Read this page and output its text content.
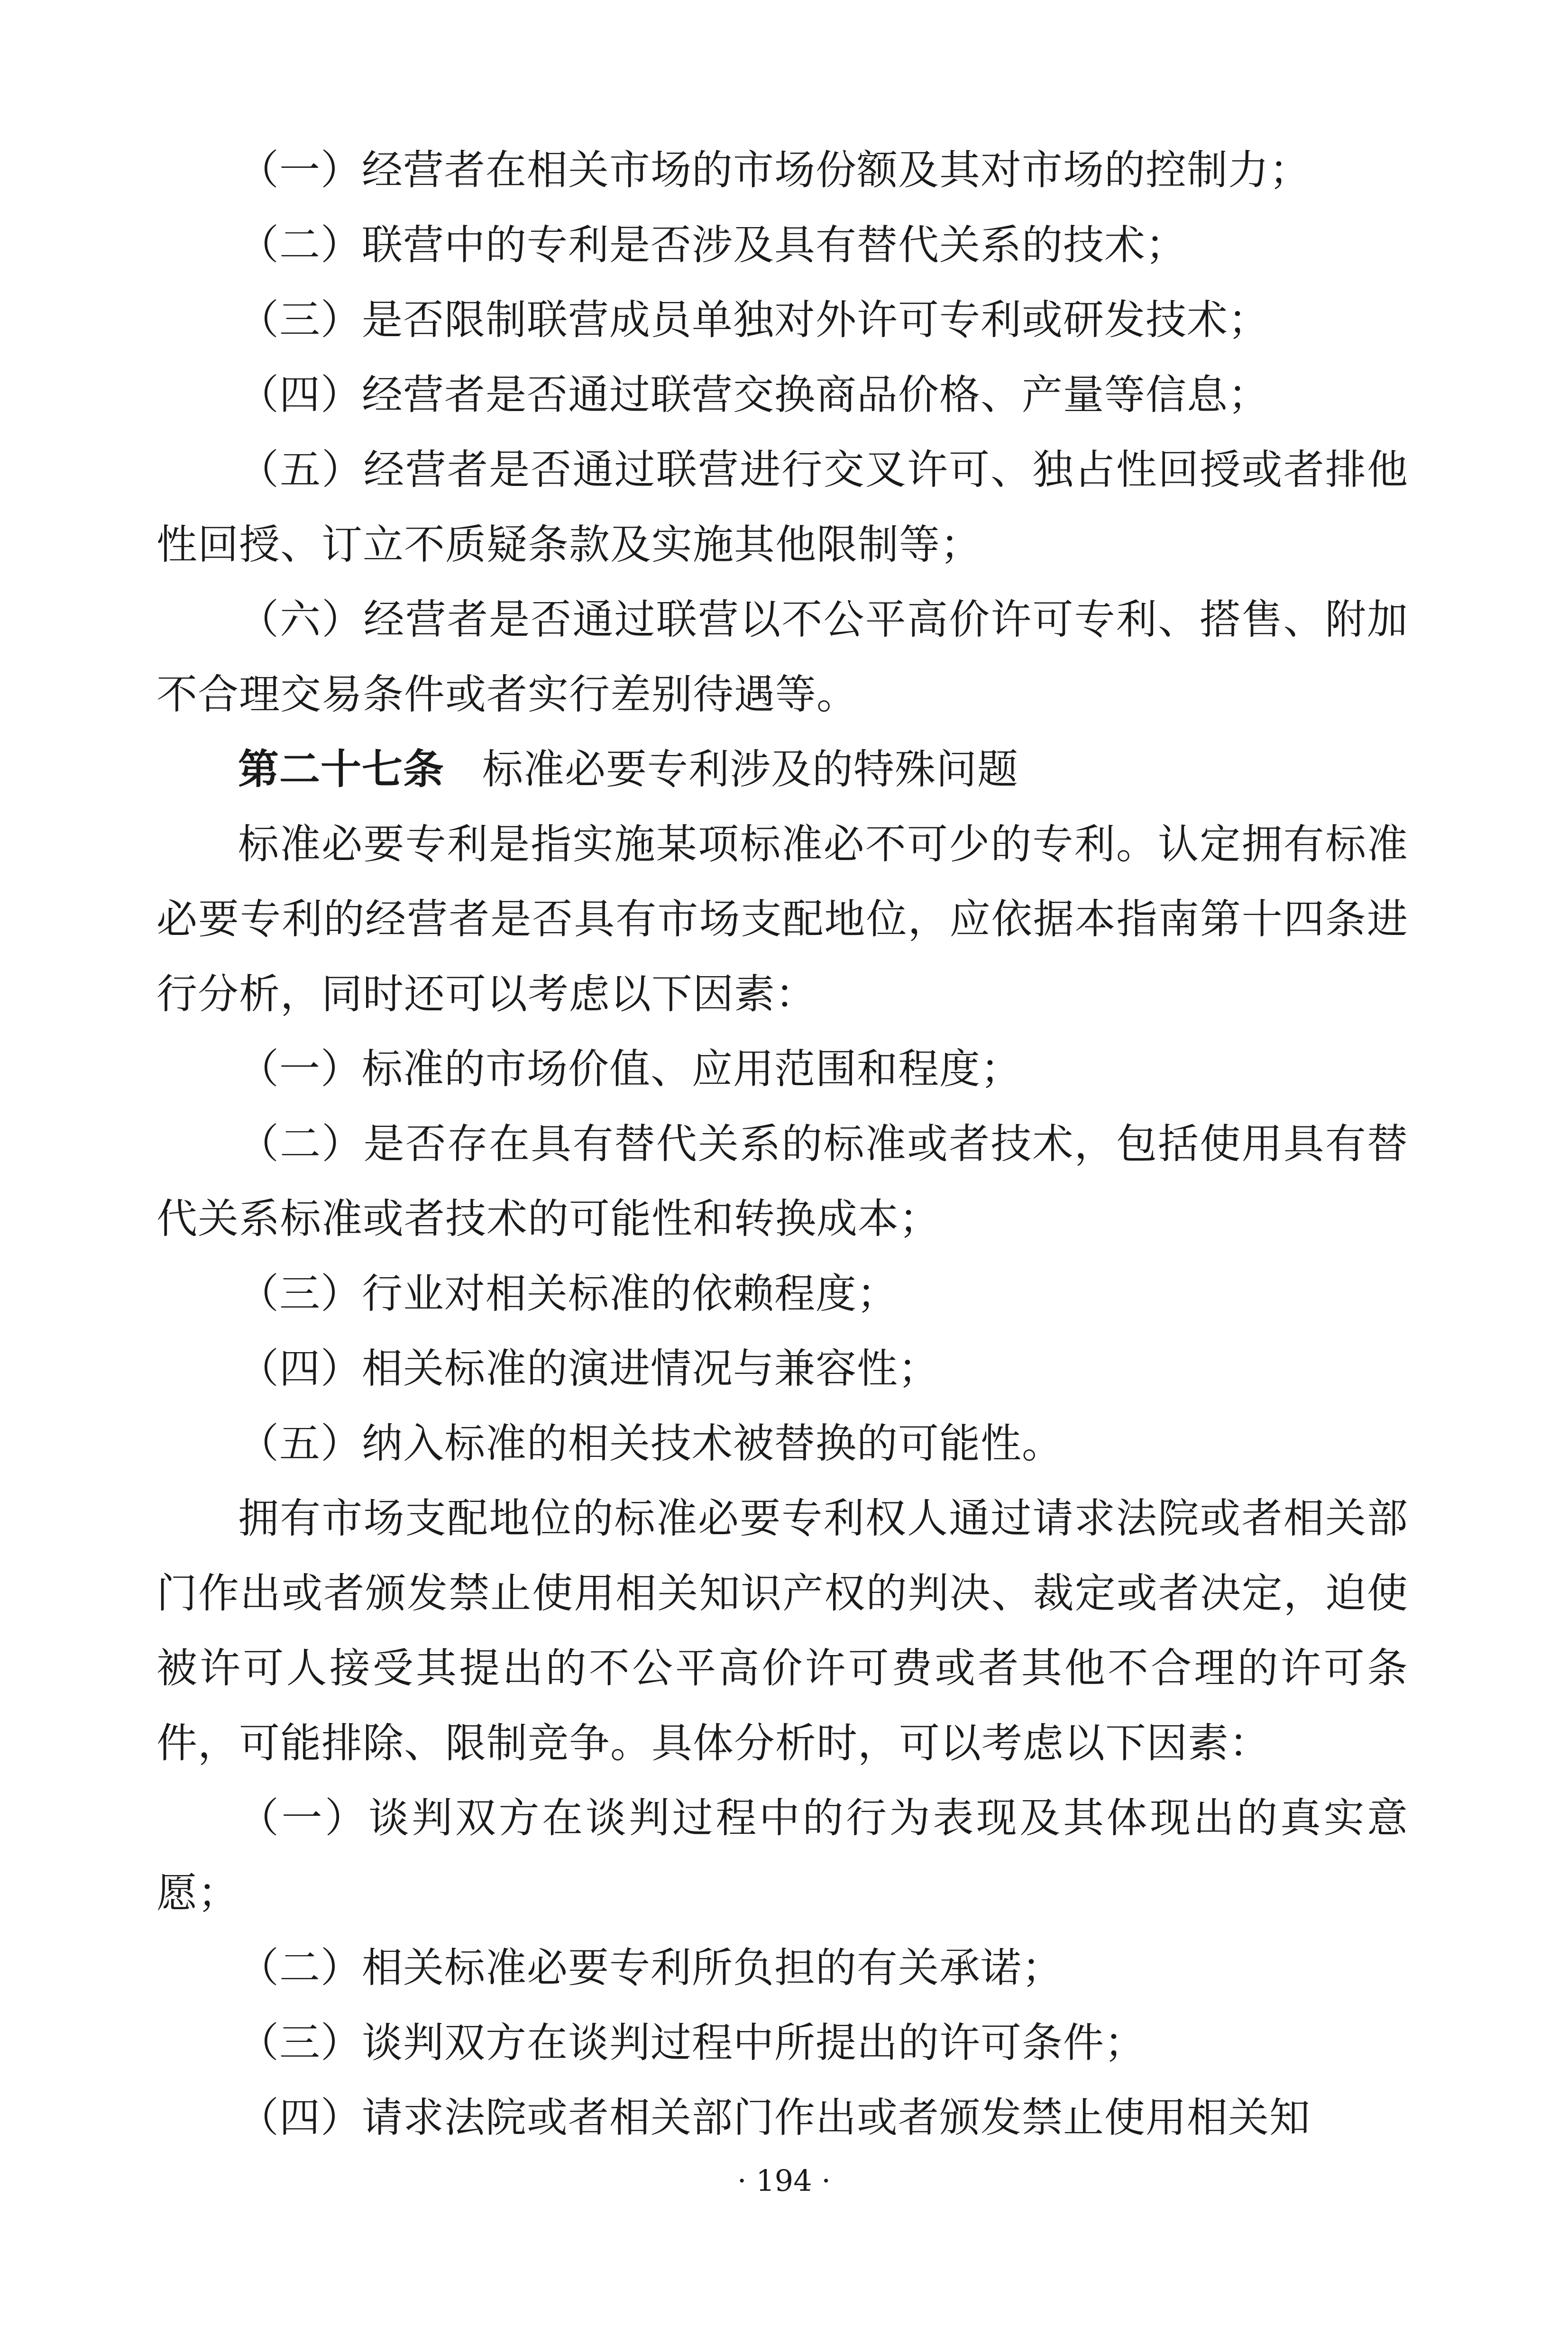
（一）经营者在相关市场的市场份额及其对市场的控制力；

（二）联营中的专利是否涉及具有替代关系的技术；

（三）是否限制联营成员单独对外许可专利或研发技术；

（四）经营者是否通过联营交换商品价格、产量等信息；

（五）经营者是否通过联营进行交叉许可、独占性回授或者排他性回授、订立不质疑条款及实施其他限制等；

（六）经营者是否通过联营以不公平高价许可专利、搭售、附加不合理交易条件或者实行差别待遇等。

第二十七条 标准必要专利涉及的特殊问题

标准必要专利是指实施某项标准必不可少的专利。认定拥有标准必要专利的经营者是否具有市场支配地位，应依据本指南第十四条进行分析，同时还可以考虑以下因素：

（一）标准的市场价值、应用范围和程度；

（二）是否存在具有替代关系的标准或者技术，包括使用具有替代关系标准或者技术的可能性和转换成本；

（三）行业对相关标准的依赖程度；

（四）相关标准的演进情况与兼容性；

（五）纳入标准的相关技术被替换的可能性。

拥有市场支配地位的标准必要专利权人通过请求法院或者相关部门作出或者颁发禁止使用相关知识产权的判决、裁定或者决定，迫使被许可人接受其提出的不公平高价许可费或者其他不合理的许可条件，可能排除、限制竞争。具体分析时，可以考虑以下因素：

（一）谈判双方在谈判过程中的行为表现及其体现出的真实意愿；

（二）相关标准必要专利所负担的有关承诺；

（三）谈判双方在谈判过程中所提出的许可条件；

（四）请求法院或者相关部门作出或者颁发禁止使用相关知

· 194 ·
